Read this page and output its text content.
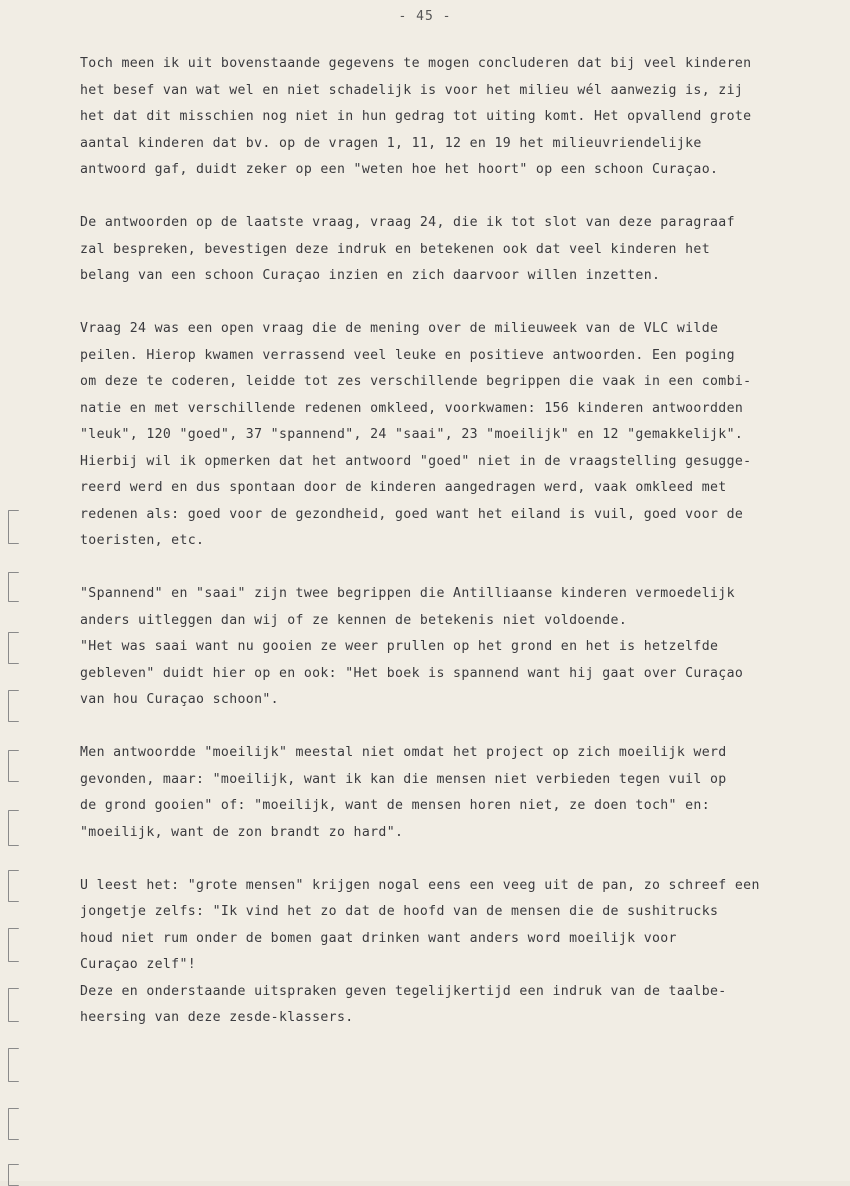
- 45 -
Toch meen ik uit bovenstaande gegevens te mogen concluderen dat bij veel kinderen
het besef van wat wel en niet schadelijk is voor het milieu wél aanwezig is, zij
het dat dit misschien nog niet in hun gedrag tot uiting komt. Het opvallend grote
aantal kinderen dat bv. op de vragen 1, 11, 12 en 19 het milieuvriendelijke
antwoord gaf, duidt zeker op een "weten hoe het hoort" op een schoon Curaçao.
De antwoorden op de laatste vraag, vraag 24, die ik tot slot van deze paragraaf
zal bespreken, bevestigen deze indruk en betekenen ook dat veel kinderen het
belang van een schoon Curaçao inzien en zich daarvoor willen inzetten.
Vraag 24 was een open vraag die de mening over de milieuweek van de VLC wilde
peilen. Hierop kwamen verrassend veel leuke en positieve antwoorden. Een poging
om deze te coderen, leidde tot zes verschillende begrippen die vaak in een combi-
natie en met verschillende redenen omkleed, voorkwamen: 156 kinderen antwoordden
"leuk", 120 "goed", 37 "spannend", 24 "saai", 23 "moeilijk" en 12 "gemakkelijk".
Hierbij wil ik opmerken dat het antwoord "goed" niet in de vraagstelling gesugge-
reerd werd en dus spontaan door de kinderen aangedragen werd, vaak omkleed met
redenen als: goed voor de gezondheid, goed want het eiland is vuil, goed voor de
toeristen, etc.
"Spannend" en "saai" zijn twee begrippen die Antilliaanse kinderen vermoedelijk
anders uitleggen dan wij of ze kennen de betekenis niet voldoende.
"Het was saai want nu gooien ze weer prullen op het grond en het is hetzelfde
gebleven" duidt hier op en ook: "Het boek is spannend want hij gaat over Curaçao
van hou Curaçao schoon".
Men antwoordde "moeilijk" meestal niet omdat het project op zich moeilijk werd
gevonden, maar: "moeilijk, want ik kan die mensen niet verbieden tegen vuil op
de grond gooien" of: "moeilijk, want de mensen horen niet, ze doen toch" en:
"moeilijk, want de zon brandt zo hard".
U leest het: "grote mensen" krijgen nogal eens een veeg uit de pan, zo schreef een
jongetje zelfs: "Ik vind het zo dat de hoofd van de mensen die de sushitrucks
houd niet rum onder de bomen gaat drinken want anders word moeilijk voor
Curaçao zelf"!
Deze en onderstaande uitspraken geven tegelijkertijd een indruk van de taalbe-
heersing van deze zesde-klassers.
